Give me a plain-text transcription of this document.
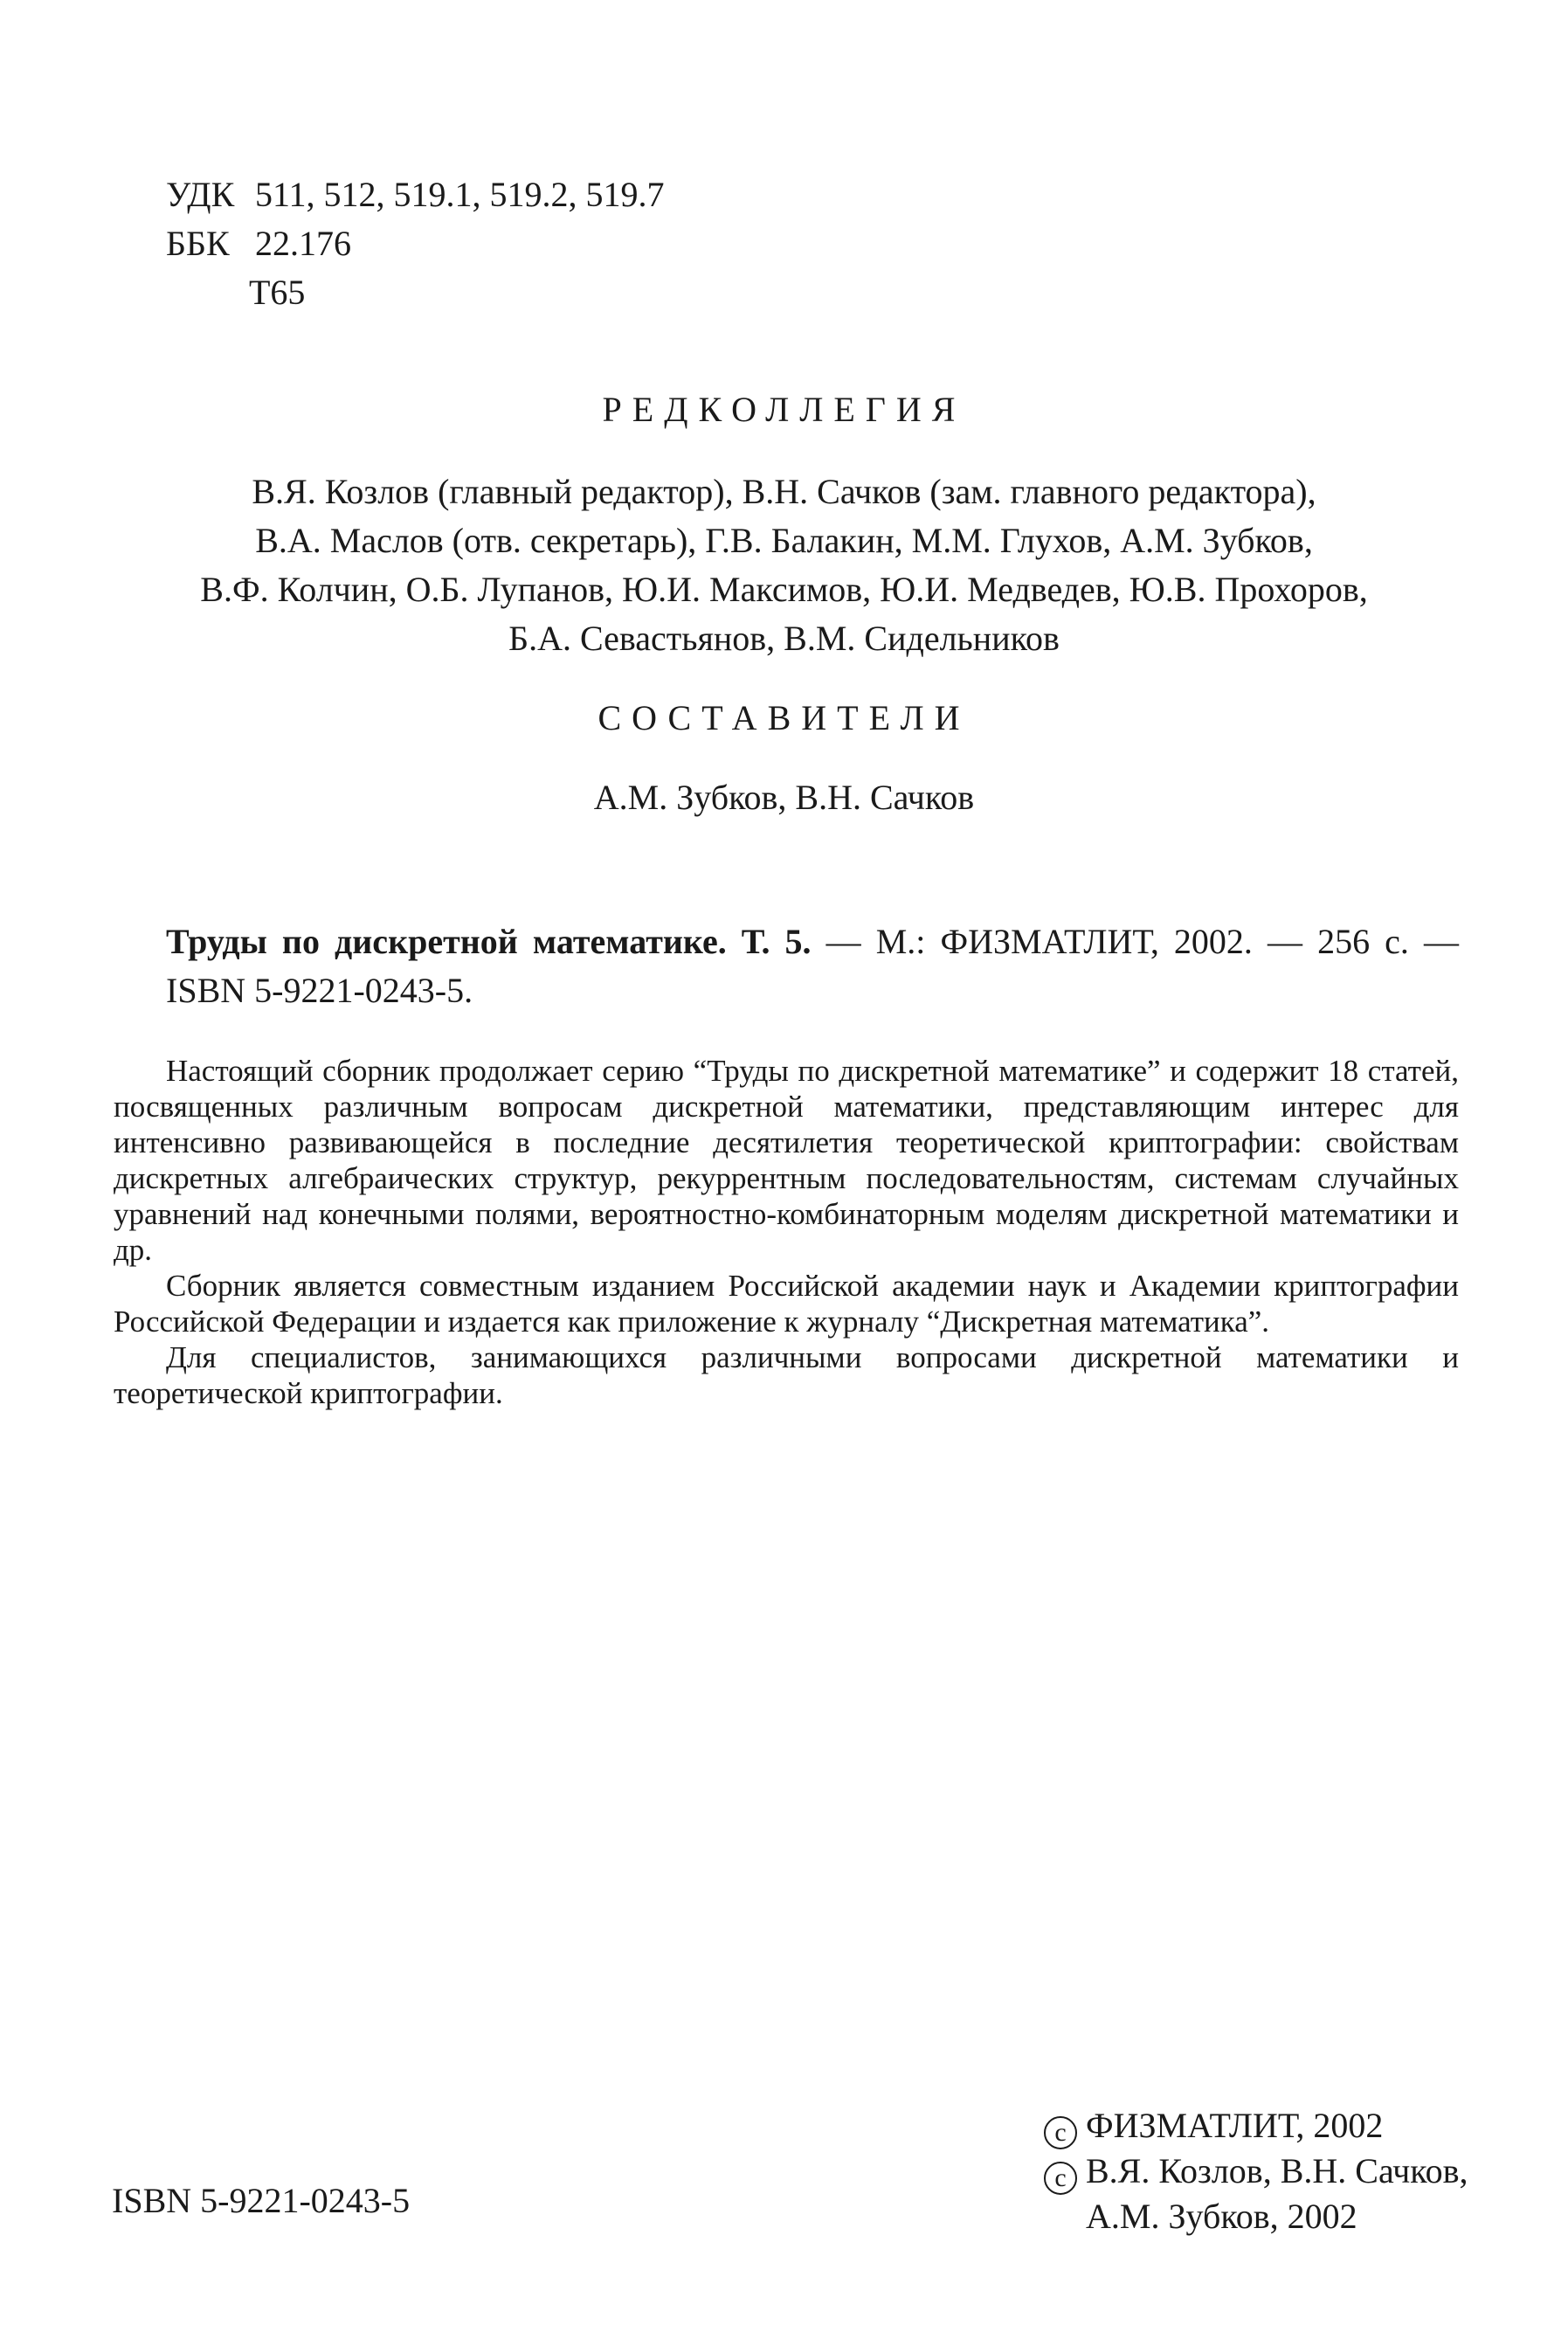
УДК 511, 512, 519.1, 519.2, 519.7
ББК 22.176
Т65
РЕДКОЛЛЕГИЯ
В.Я. Козлов (главный редактор), В.Н. Сачков (зам. главного редактора),
В.А. Маслов (отв. секретарь), Г.В. Балакин, М.М. Глухов, А.М. Зубков,
В.Ф. Колчин, О.Б. Лупанов, Ю.И. Максимов, Ю.И. Медведев, Ю.В. Прохоров,
Б.А. Севастьянов, В.М. Сидельников
СОСТАВИТЕЛИ
А.М. Зубков, В.Н. Сачков
Труды по дискретной математике. Т. 5. — М.: ФИЗМАТЛИТ, 2002. — 256 с. — ISBN 5-9221-0243-5.

Настоящий сборник продолжает серию “Труды по дискретной математике” и содержит 18 статей, посвященных различным вопросам дискретной математики, представляющим интерес для интенсивно развивающейся в последние десятилетия теоретической криптографии: свойствам дискретных алгебраических структур, рекуррентным последовательностям, системам случайных уравнений над конечными полями, вероятностно-комбинаторным моделям дискретной математики и др.

Сборник является совместным изданием Российской академии наук и Академии криптографии Российской Федерации и издается как приложение к журналу “Дискретная математика”.

Для специалистов, занимающихся различными вопросами дискретной математики и теоретической криптографии.

ISBN 5-9221-0243-5
c ФИЗМАТЛИТ, 2002
c В.Я. Козлов, В.Н. Сачков,
А.М. Зубков, 2002
